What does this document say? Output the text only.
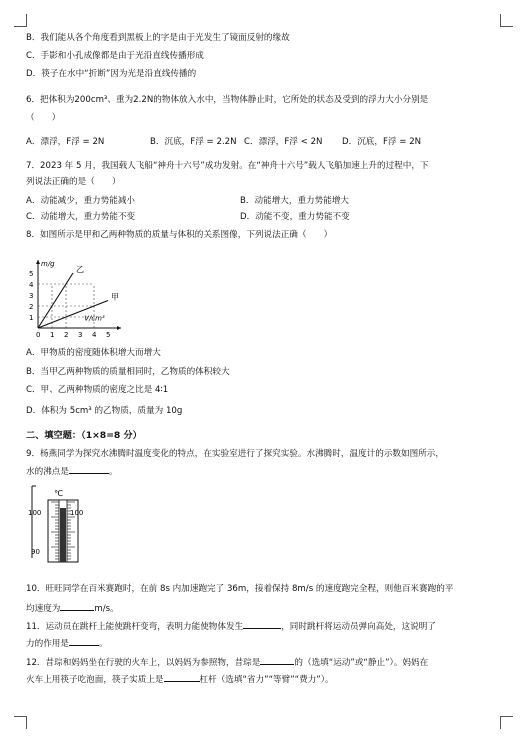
B．我们能从各个角度看到黑板上的字是由于光发生了镜面反射的缘故
C．手影和小孔成像都是由于光沿直线传播形成
D．筷子在水中“折断”因为光是沿直线传播的
6．把体积为200cm³、重为2.2N的物体放入水中，当物体静止时，它所处的状态及受到的浮力大小分别是
（　　）
A．漂浮，F浮 = 2N	B．沉底，F浮 = 2.2N C．漂浮，F浮 < 2N D．沉底，F浮 = 2N
7．2023 年 5 月，我国载人飞船“神舟十六号”成功发射。在“神舟十六号”载人飞船加速上升的过程中，下
列说法正确的是（　　）
A．动能减少，重力势能减小	B．动能增大，重力势能增大
C．动能增大，重力势能不变	D．动能不变，重力势能不变
8．如图所示是甲和乙两种物质的质量与体积的关系图像，下列说法正确（　　）
0 1 2 3 4 5
1
2
3
4
5
m/g
V/cm³
乙
甲
A．甲物质的密度随体积增大而增大
B．当甲乙两种物质的质量相同时，乙物质的体积较大
C．甲、乙两种物质的密度之比是 4∶1
D．体积为 5cm³ 的乙物质，质量为 10g
二、填空题：（1×8=8 分）
9．杨燕同学为探究水沸腾时温度变化的特点，在实验室进行了探究实验。水沸腾时，温度计的示数如图所示，
水的沸点是	。
℃
100	100
90
10．旺旺同学在百米赛跑时，在前 8s 内加速跑完了 36m，接着保持 8m/s 的速度跑完全程，则他百米赛跑的平
均速度为	m/s。
11．运动员在跳杆上能使跳杆变弯，表明力能使物体发生	，同时跳杆将运动员弹向高处，这说明了
力的作用是	。
12．昔琮和妈妈坐在行驶的火车上，以妈妈为参照物，昔琮是	的（选填“运动”或“静止”）。妈妈在
火车上用筷子吃泡面，筷子实质上是	杠杆（选填“省力”“等臂”“费力”）。
